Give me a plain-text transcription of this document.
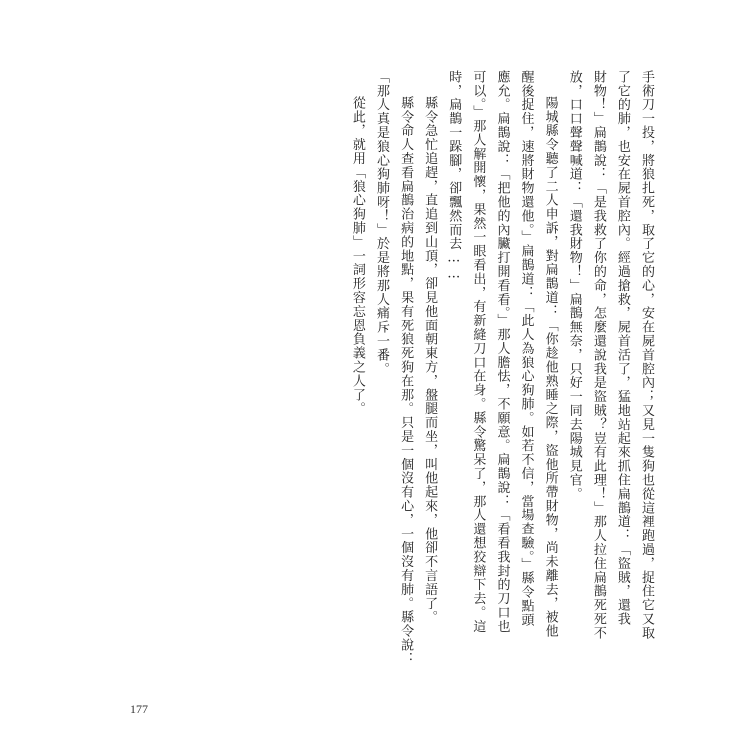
手術刀一投，將狼扎死，取了它的心，安在屍首腔內；又見一隻狗也從這裡跑過，捉住它又取

了它的肺，也安在屍首腔內。經過搶救，屍首活了，猛地站起來抓住扁鵲道：「盜賊，還我

財物！」扁鵲說：「是我救了你的命，怎麼還說我是盜賊？豈有此理！」那人拉住扁鵲死死不

放，口口聲聲喊道：「還我財物！」扁鵲無奈，只好一同去陽城見官。

陽城縣令聽了二人申訴，對扁鵲道：「你趁他熟睡之際，盜他所帶財物，尚未離去，被他

醒後捉住，速將財物還他。」扁鵲道：「此人為狼心狗肺。如若不信，當場查驗。」縣令點頭

應允。扁鵲說：「把他的內臟打開看看。」那人膽怯，不願意。扁鵲說：「看看我封的刀口也

可以。」那人解開懷，果然一眼看出，有新縫刀口在身。縣令驚呆了，那人還想狡辯下去。這

時，扁鵲一跺腳，卻飄然而去……

縣令急忙追趕，直追到山頂，卻見他面朝東方，盤腿而坐，叫他起來，他卻不言語了。

縣令命人查看扁鵲治病的地點，果有死狼死狗在那。只是一個沒有心，一個沒有肺。縣令說：

「那人真是狼心狗肺呀！」於是將那人痛斥一番。

從此，就用「狼心狗肺」一詞形容忘恩負義之人了。

177
